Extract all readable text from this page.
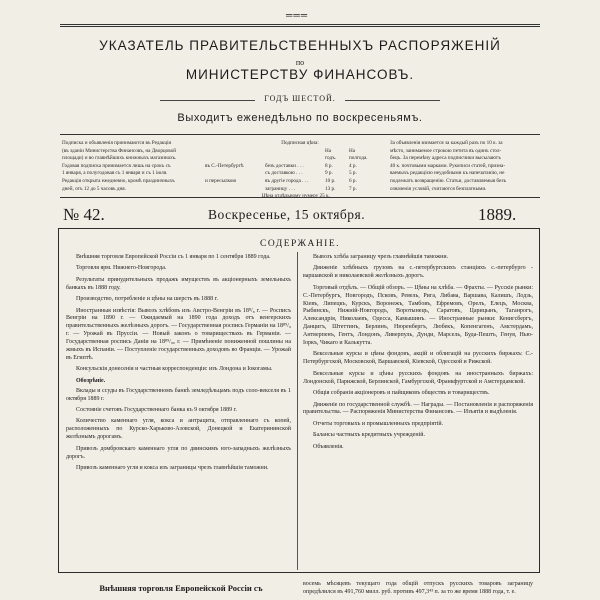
═══
УКАЗАТЕЛЬ ПРАВИТЕЛЬСТВЕННЫХЪ РАСПОРЯЖЕНIЙ
по
МИНИСТЕРСТВУ ФИНАНСОВЪ.
ГОДЪ ШЕСТОЙ.
Выходитъ еженедѣльно по воскресеньямъ.
Подписка и объявленія принимаются въ Редакціи
(въ зданіи Министерства Финансовъ, на Дворцовой
площади) и во главнѣйшихъ книжныхъ магазинахъ.
Годовая подписка принимается лишь на срокъ съ
1 января, а полугодовая съ 1 января и съ 1 іюля.
Редакція открыта ежедневно, кромѣ праздничныхъ
дней, отъ 12 до 5 часовъ дня.
Подписная цѣна:
На	На
годъ.	полгода.
въ С.-Петербургѣ	безъ доставки . . .	8 р.	4 р.
съ доставкою . . .	9 р.	5 р.
и пересылкою	въ другіе города . . .	10 р.	6 р.
заграницу . . .	13 р.	7 р.
Цѣна отдѣльному нумеру 25 к.
За объявленія взимается за каждый разъ по 10 к. за
мѣсто, занимаемое строкою петита въ одинъ стол-
бецъ. За перемѣну адреса подписчики высылаютъ
40 к. почтовыми марками. Рукописи статей, призна-
ваемыхъ редакцією неудобными къ напечатанію, не
подлежатъ возвращенію. Статьи, доставляемыя безъ
означенія условій, считаются безплатными.
№ 42.	Воскресенье, 15 октября.	1889.
СОДЕРЖАНIЕ.
Внѣшняя торговля Европейской Россіи съ 1 января по 1 сентября 1889 года.
Торговля ярм. Нижнего-Новгорода.
Результаты принудительныхъ продажъ имуществъ въ акціонерныхъ земельныхъ банкахъ въ 1888 году.
Производство, потребленіе и цѣны на шерсть въ 1888 г.
Иностранныя извѣстія: Вывозъ хлѣбовъ изъ Австро-Венгріи въ 18⁸/₈ г. — Росписъ Венгріи на 1890 г. — Ожидаемый на 1890 года доходъ отъ венгерскихъ правительственныхъ желѣзныхъ дорогъ. — Государственная роспись Германіи на 18⁸⁹/₉ г. — Урожай въ Пруссіи. — Новый законъ о товариществахъ въ Германіи. — Государственная роспись Даніи на 18⁸⁹/₉₀ г. — Примѣненіе пониженной пошлины на жмыхъ въ Испаніи. — Поступленіе государственныхъ доходовъ во Франціи. — Урожай въ Египтѣ.
Консульскія донесенія и частныя корреспонденціи: изъ Лондона и Іокогамы.
Обозрѣніе.
Вклады и ссуды въ Государственномъ банкѣ земледѣльцамъ подъ соло-векселя въ 1 октября 1889 г.
Состояніе счетовъ Государственнаго банка къ 9 октября 1889 г.
Количество каменнаго угля, кокса и антрацита, отправленнаго съ копей, расположенныхъ по Курско-Харьково-Азовской, Донецкой и Екатерининской желѣзнымъ дорогамъ.
Привозъ домбровскаго каменнаго угля по двинскимъ юго-западныхъ желѣзныхъ дорогъ.
Привозъ каменнаго угля и кокса изъ заграницы чрезъ главнѣйшія таможни.
Вывозъ хлѣба заграницу чрезъ главнѣйшія таможни.
Движеніе хлѣбныхъ грузовъ на с.-петербургскихъ станціяхъ с.-петербурго - варшавской и николаевской желѣзныхъ дорогъ.
Торговый отдѣлъ. — Общій обзоръ. — Цѣны на хлѣба. — Фрахты. — Русскіе рынки: С.-Петербургъ, Новгородъ, Псковъ, Ревель, Рига, Либава, Варшава, Калишъ, Лодзь, Кіевъ, Липецкъ, Курскъ, Воронежъ, Тамбовъ, Ефремовъ, Орелъ, Елецъ, Москва, Рыбинскъ, Нижній-Новгородъ, Воротынецъ, Саратовъ, Царицынъ, Таганрогъ, Александрія, Николаевъ, Одесса, Камышинъ. — Иностранные рынки: Кенигсбергъ, Данцигъ, Штеттинъ, Берлинъ, Нюренбергъ, Любекъ, Копенгагенъ, Амстердамъ, Антверпенъ, Гентъ, Лондонъ, Ливерпуль, Дунди, Марсель, Буда-Пештъ, Генуя, Нью-Іоркъ, Чикаго и Калькутта.
Вексельные курсы и цѣны фондовъ, акцій и облигацій на русскихъ биржахъ: С.-Петербургской, Московской, Варшавской, Кіевской, Одесской и Рижской.
Вексельные курсы и цѣны русскихъ фондовъ на иностранныхъ биржахъ: Лондонской, Парижской, Берлинской, Гамбургской, Франкфуртской и Амстердамской.
Общія собранія акціонеровъ и пайщиковъ обществъ и товариществъ.
Движеніе по государственной службѣ. — Награды. — Постановленія и распоряженія правительства. — Распоряженія Министерства Финансовъ. — Изъятія и выдѣленія.
Отчеты торговыхъ и промышленныхъ предпріятій.
Балансы частныхъ кредитныхъ учрежденій.
Объявленія.
Внѣшняя торговля Европейской Россіи съ	восемь мѣсяцевъ текущаго года общій отпускъ русскихъ товаровъ заграницу опредѣлился въ 491,760 милл. руб. противъ 497,3⁴³ п. за то же время 1888 года, т. е.
